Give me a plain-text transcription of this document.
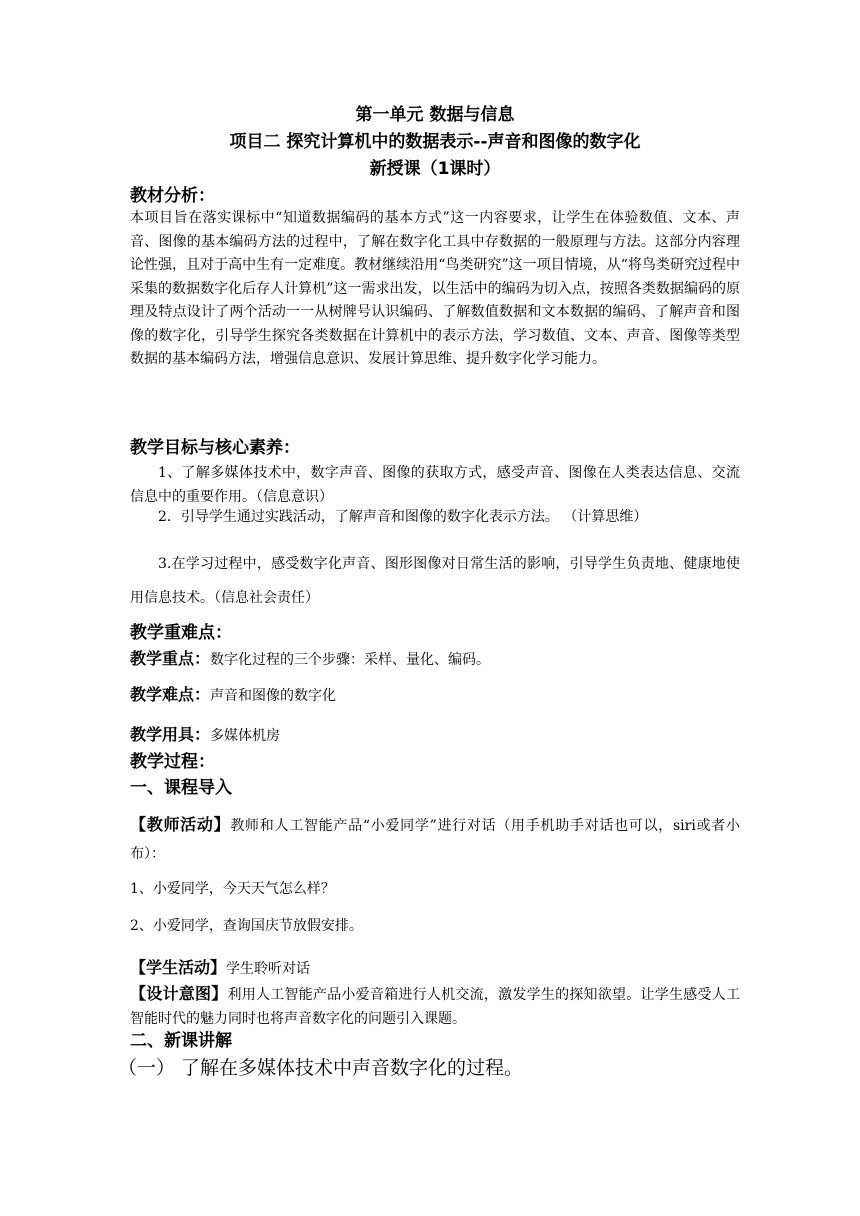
第一单元 数据与信息
项目二 探究计算机中的数据表示--声音和图像的数字化
新授课（1课时）
教材分析：
本项目旨在落实课标中“知道数据编码的基本方式”这一内容要求，让学生在体验数值、文本、声音、图像的基本编码方法的过程中，了解在数字化工具中存数据的一般原理与方法。这部分内容理论性强，且对于高中生有一定难度。教材继续沿用“鸟类研究”这一项目情境，从“将鸟类研究过程中采集的数据数字化后存人计算机”这一需求出发，以生活中的编码为切入点，按照各类数据编码的原理及特点设计了两个活动一一从树牌号认识编码、了解数值数据和文本数据的编码、了解声音和图像的数字化，引导学生探究各类数据在计算机中的表示方法，学习数值、文本、声音、图像等类型数据的基本编码方法，增强信息意识、发展计算思维、提升数字化学习能力。
教学目标与核心素养：
1、了解多媒体技术中，数字声音、图像的获取方式，感受声音、图像在人类表达信息、交流信息中的重要作用。（信息意识）
2．引导学生通过实践活动，了解声音和图像的数字化表示方法。 （计算思维）
3.在学习过程中，感受数字化声音、图形图像对日常生活的影响，引导学生负责地、健康地使用信息技术。（信息社会责任）
教学重难点：
教学重点：数字化过程的三个步骤：采样、量化、编码。
教学难点：声音和图像的数字化
教学用具：多媒体机房
教学过程：
一、课程导入
【教师活动】教师和人工智能产品“小爱同学”进行对话（用手机助手对话也可以，siri或者小布）：
1、小爱同学，今天天气怎么样？
2、小爱同学，查询国庆节放假安排。
【学生活动】学生聆听对话
【设计意图】利用人工智能产品小爱音箱进行人机交流，激发学生的探知欲望。让学生感受人工智能时代的魅力同时也将声音数字化的问题引入课题。
二、新课讲解
（一） 了解在多媒体技术中声音数字化的过程。
